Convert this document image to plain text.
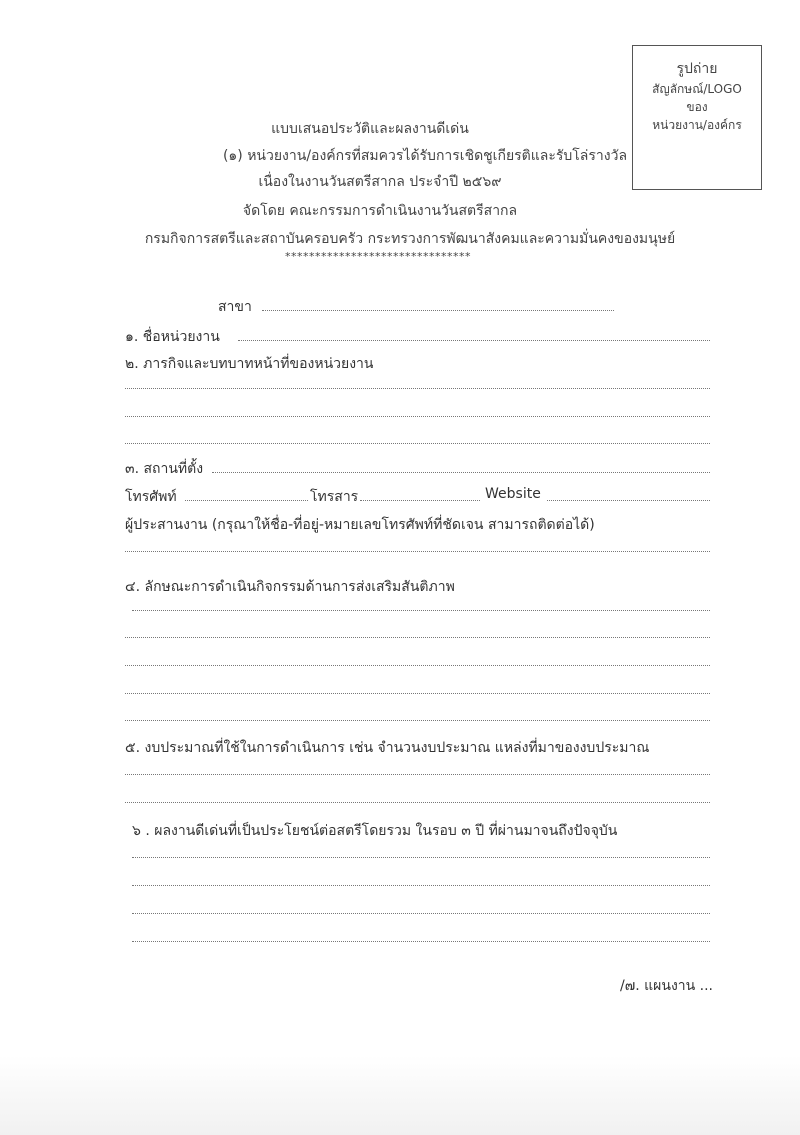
รูปถ่าย
สัญลักษณ์/LOGO
ของ
หน่วยงาน/องค์กร
แบบเสนอประวัติและผลงานดีเด่น
(๑) หน่วยงาน/องค์กรที่สมควรได้รับการเชิดชูเกียรติและรับโล่รางวัล
เนื่องในงานวันสตรีสากล ประจำปี ๒๕๖๙
จัดโดย คณะกรรมการดำเนินงานวันสตรีสากล
กรมกิจการสตรีและสถาบันครอบครัว กระทรวงการพัฒนาสังคมและความมั่นคงของมนุษย์
*******************************
สาขา
๑. ชื่อหน่วยงาน
๒. ภารกิจและบทบาทหน้าที่ของหน่วยงาน
๓. สถานที่ตั้ง
โทรศัพท์	โทรสาร	Website
ผู้ประสานงาน (กรุณาให้ชื่อ-ที่อยู่-หมายเลขโทรศัพท์ที่ชัดเจน สามารถติดต่อได้)
๔. ลักษณะการดำเนินกิจกรรมด้านการส่งเสริมสันติภาพ
๕. งบประมาณที่ใช้ในการดำเนินการ เช่น จำนวนงบประมาณ แหล่งที่มาของงบประมาณ
๖ . ผลงานดีเด่นที่เป็นประโยชน์ต่อสตรีโดยรวม ในรอบ ๓ ปี ที่ผ่านมาจนถึงปัจจุบัน
/๗. แผนงาน ...
